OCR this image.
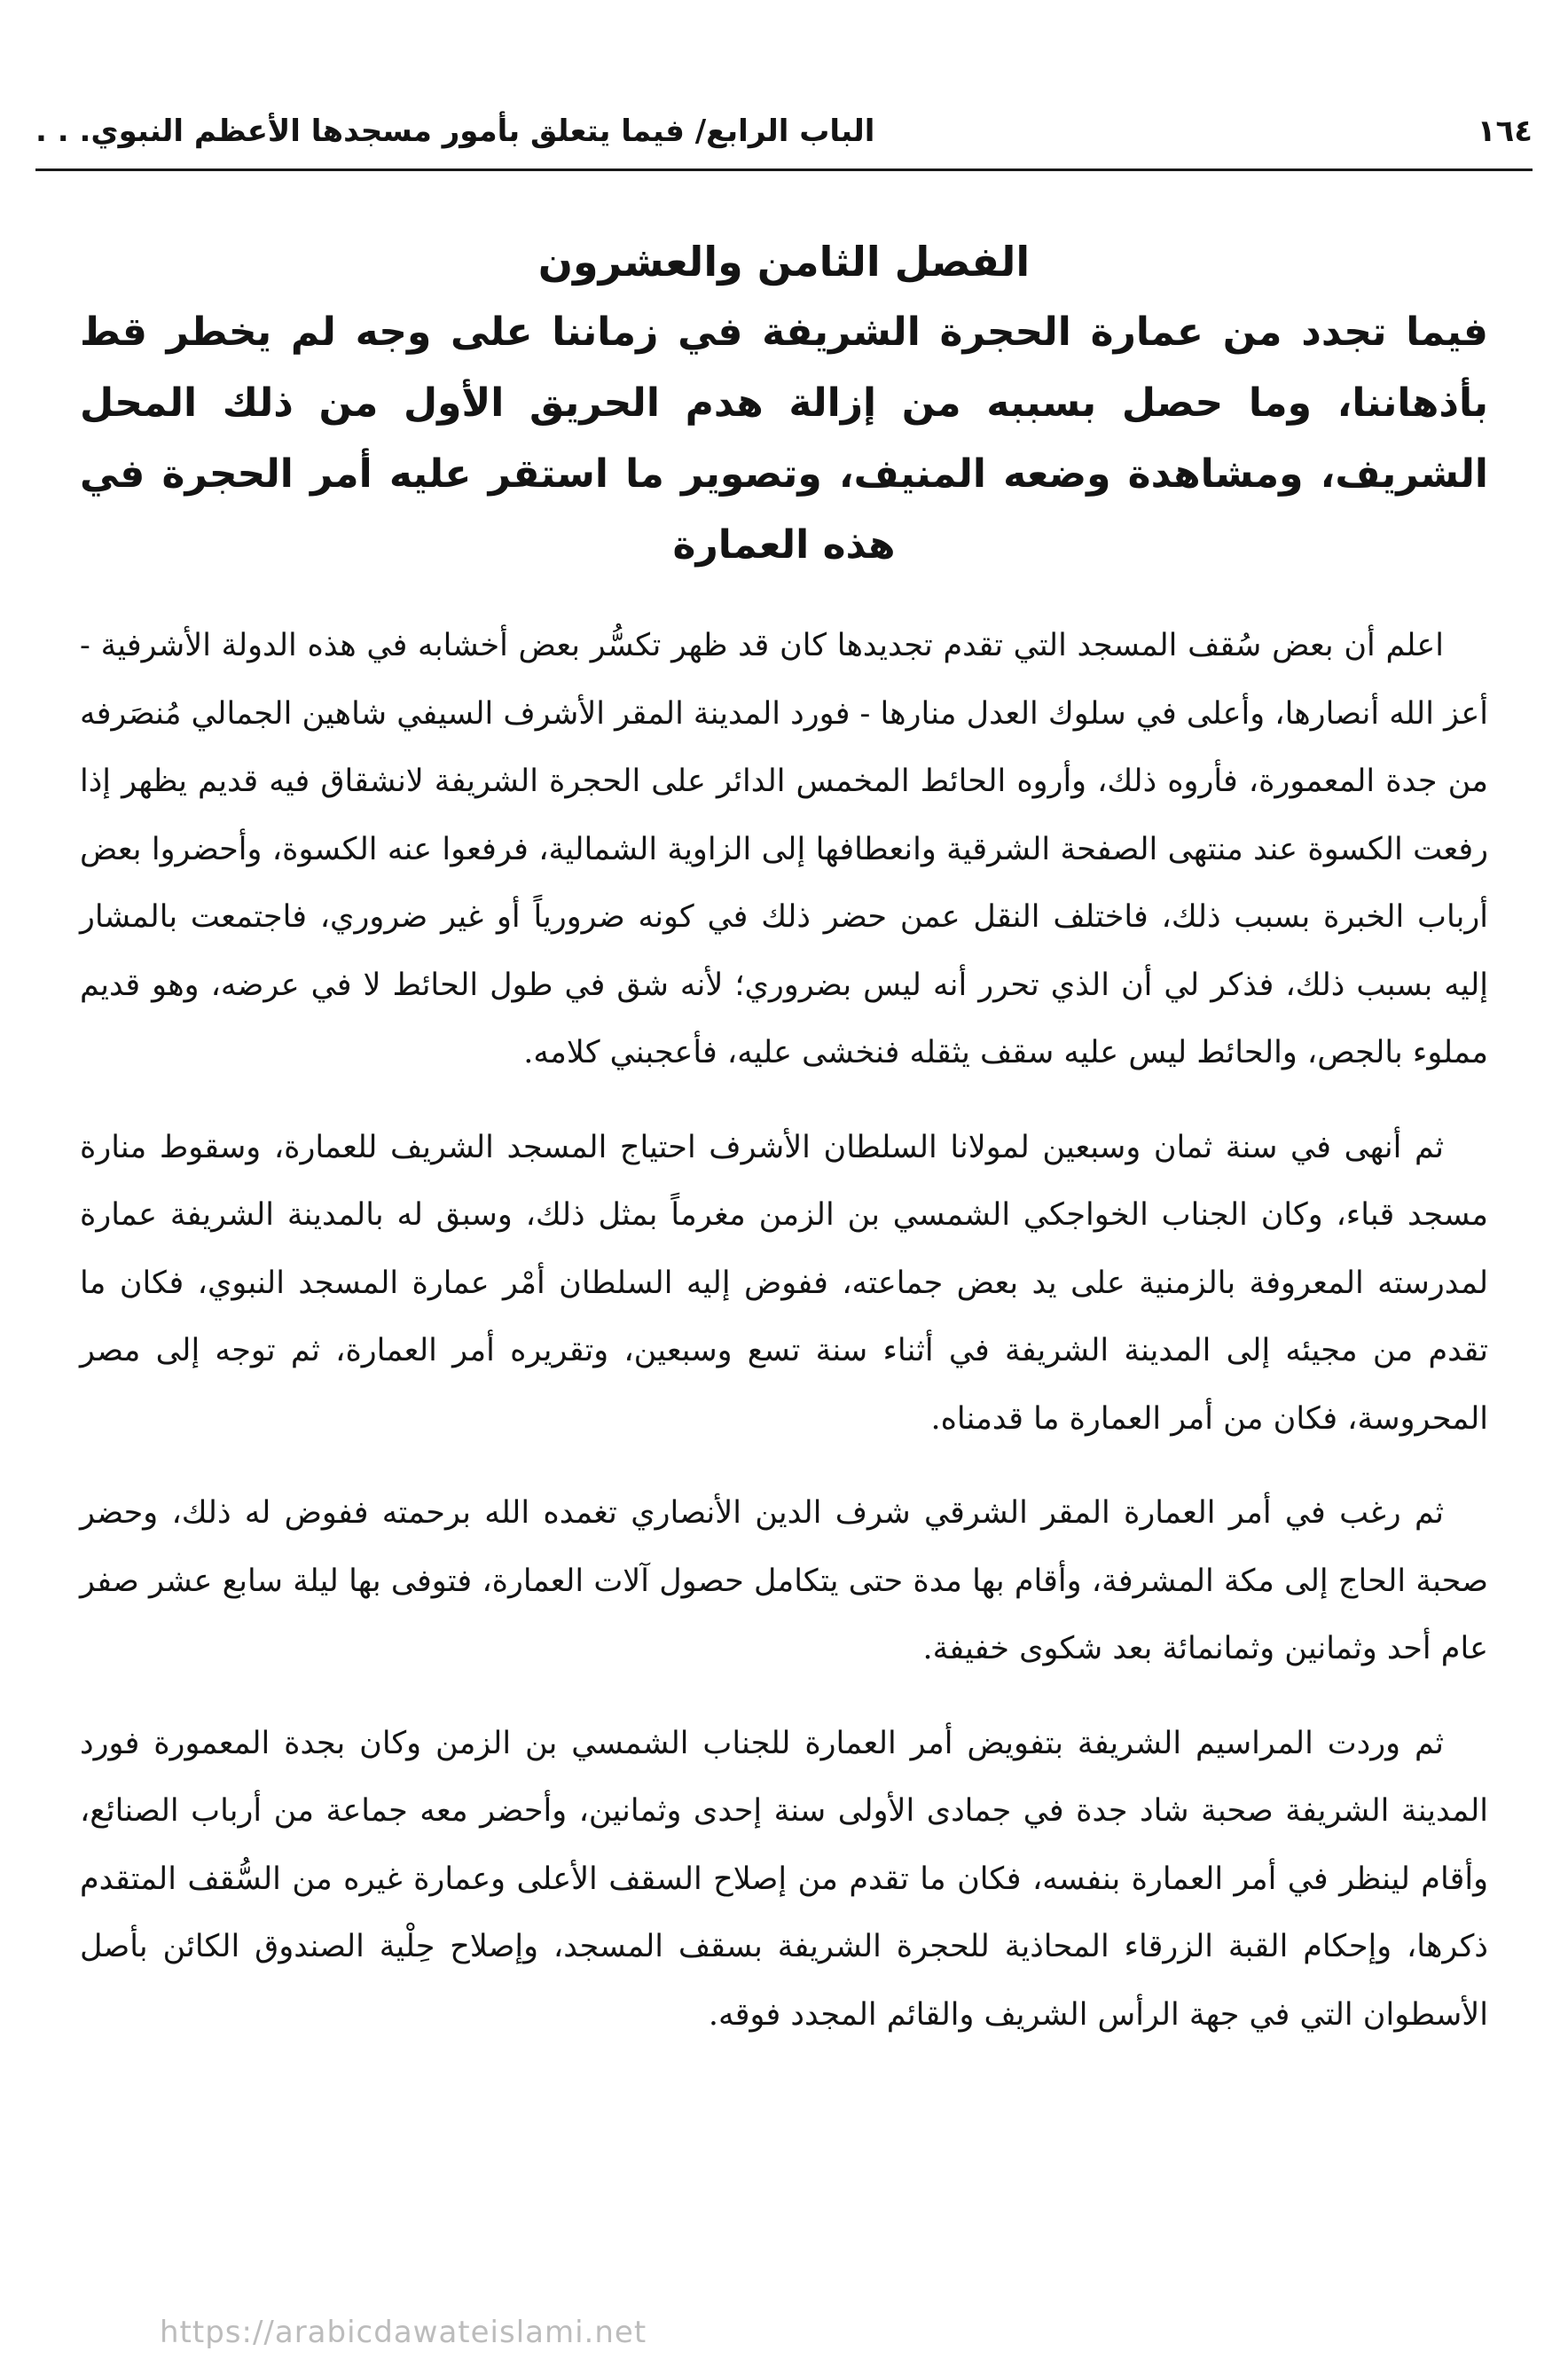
١٦٤
الباب الرابع/ فيما يتعلق بأمور مسجدها الأعظم النبوي. . .

الفصل الثامن والعشرون

فيما تجدد من عمارة الحجرة الشريفة في زماننا على وجه لم يخطر قط بأذهاننا، وما حصل بسببه من إزالة هدم الحريق الأول من ذلك المحل الشريف، ومشاهدة وضعه المنيف، وتصوير ما استقر عليه أمر الحجرة في هذه العمارة

اعلم أن بعض سُقف المسجد التي تقدم تجديدها كان قد ظهر تكسُّر بعض أخشابه في هذه الدولة الأشرفية - أعز الله أنصارها، وأعلى في سلوك العدل منارها - فورد المدينة المقر الأشرف السيفي شاهين الجمالي مُنصَرفه من جدة المعمورة، فأروه ذلك، وأروه الحائط المخمس الدائر على الحجرة الشريفة لانشقاق فيه قديم يظهر إذا رفعت الكسوة عند منتهى الصفحة الشرقية وانعطافها إلى الزاوية الشمالية، فرفعوا عنه الكسوة، وأحضروا بعض أرباب الخبرة بسبب ذلك، فاختلف النقل عمن حضر ذلك في كونه ضرورياً أو غير ضروري، فاجتمعت بالمشار إليه بسبب ذلك، فذكر لي أن الذي تحرر أنه ليس بضروري؛ لأنه شق في طول الحائط لا في عرضه، وهو قديم مملوء بالجص، والحائط ليس عليه سقف يثقله فنخشى عليه، فأعجبني كلامه.

ثم أنهى في سنة ثمان وسبعين لمولانا السلطان الأشرف احتياج المسجد الشريف للعمارة، وسقوط منارة مسجد قباء، وكان الجناب الخواجكي الشمسي بن الزمن مغرماً بمثل ذلك، وسبق له بالمدينة الشريفة عمارة لمدرسته المعروفة بالزمنية على يد بعض جماعته، ففوض إليه السلطان أمْر عمارة المسجد النبوي، فكان ما تقدم من مجيئه إلى المدينة الشريفة في أثناء سنة تسع وسبعين، وتقريره أمر العمارة، ثم توجه إلى مصر المحروسة، فكان من أمر العمارة ما قدمناه.

ثم رغب في أمر العمارة المقر الشرقي شرف الدين الأنصاري تغمده الله برحمته ففوض له ذلك، وحضر صحبة الحاج إلى مكة المشرفة، وأقام بها مدة حتى يتكامل حصول آلات العمارة، فتوفى بها ليلة سابع عشر صفر عام أحد وثمانين وثمانمائة بعد شكوى خفيفة.

ثم وردت المراسيم الشريفة بتفويض أمر العمارة للجناب الشمسي بن الزمن وكان بجدة المعمورة فورد المدينة الشريفة صحبة شاد جدة في جمادى الأولى سنة إحدى وثمانين، وأحضر معه جماعة من أرباب الصنائع، وأقام لينظر في أمر العمارة بنفسه، فكان ما تقدم من إصلاح السقف الأعلى وعمارة غيره من السُّقف المتقدم ذكرها، وإحكام القبة الزرقاء المحاذية للحجرة الشريفة بسقف المسجد، وإصلاح حِلْية الصندوق الكائن بأصل الأسطوان التي في جهة الرأس الشريف والقائم المجدد فوقه.

https://arabicdawateislami.net
